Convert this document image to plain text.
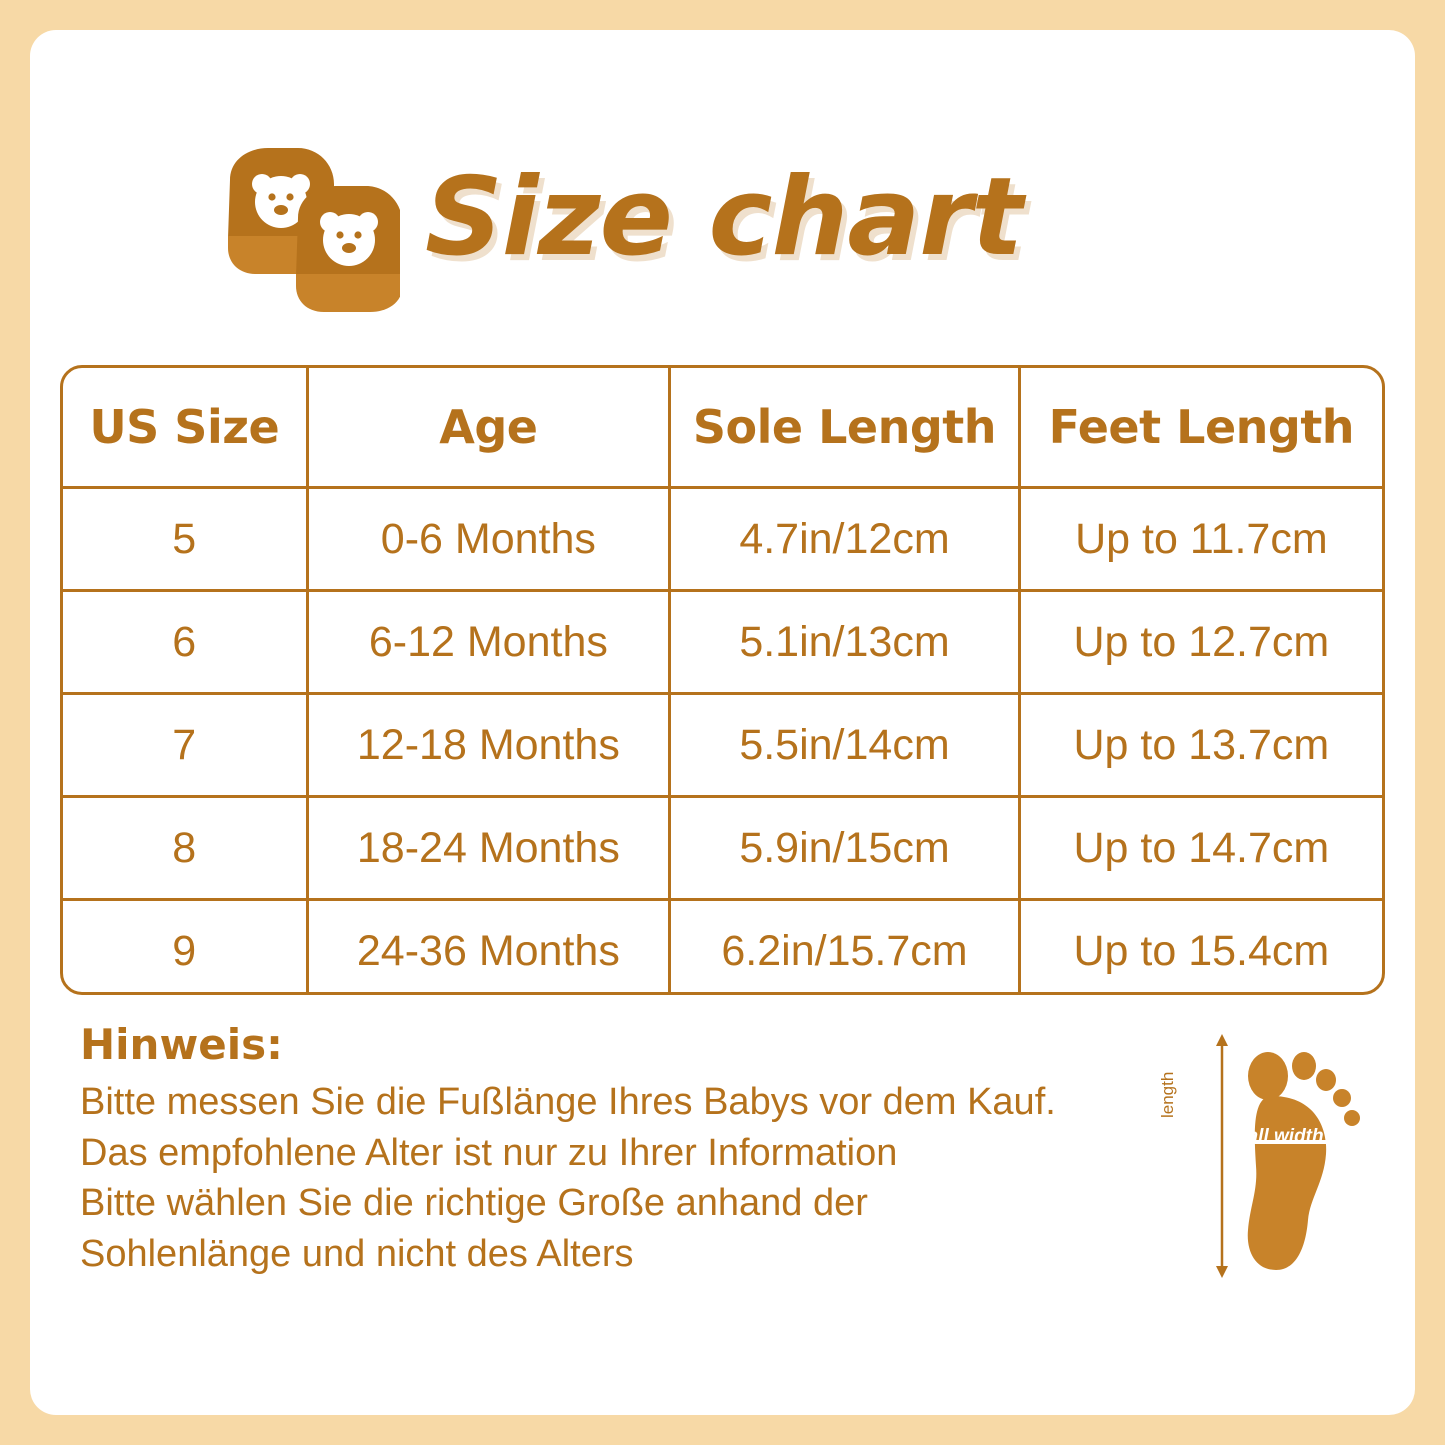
Size chart
US Size	Age	Sole Length	Feet Length
5	0-6 Months	4.7in/12cm	Up to 11.7cm
6	6-12 Months	5.1in/13cm	Up to 12.7cm
7	12-18 Months	5.5in/14cm	Up to 13.7cm
8	18-24 Months	5.9in/15cm	Up to 14.7cm
9	24-36 Months	6.2in/15.7cm	Up to 15.4cm
Hinweis:
Bitte messen Sie die Fußlänge Ihres Babys vor dem Kauf.
Das empfohlene Alter ist nur zu Ihrer Information
Bitte wählen Sie die richtige Große anhand der
Sohlenlänge und nicht des Alters
length
ball width
